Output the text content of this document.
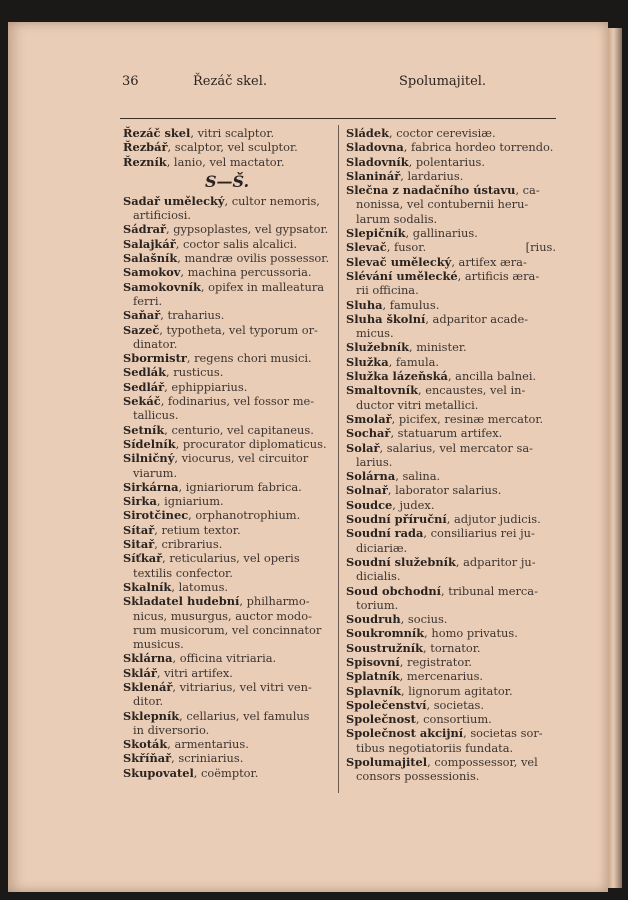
36	Řezáč skel.	Spolumajitel.
Řezáč skel, vitri scalptor.
Řezbář, scalptor, vel sculptor.
Řezník, lanio, vel mactator.
S—Š.
Sadař umělecký, cultor nemoris,
artificiosi.
Sádrař, gypsoplastes, vel gypsator.
Salajkář, coctor salis alcalici.
Salašník, mandræ ovilis possessor.
Samokov, machina percussoria.
Samokovník, opifex in malleatura
ferri.
Saňař, traharius.
Sazeč, typotheta, vel typorum or-
dinator.
Sbormistr, regens chori musici.
Sedlák, rusticus.
Sedlář, ephippiarius.
Sekáč, fodinarius, vel fossor me-
tallicus.
Setník, centurio, vel capitaneus.
Sídelník, procurator diplomaticus.
Silničný, viocurus, vel circuitor
viarum.
Sirkárna, igniariorum fabrica.
Sirka, igniarium.
Sirotčinec, orphanotrophium.
Sítař, retium textor.
Sitař, cribrarius.
Síťkař, reticularius, vel operis
textilis confector.
Skalník, latomus.
Skladatel hudební, philharmo-
nicus, musurgus, auctor modo-
rum musicorum, vel concinnator
musicus.
Sklárna, officina vitriaria.
Sklář, vitri artifex.
Sklenář, vitriarius, vel vitri ven-
ditor.
Sklepník, cellarius, vel famulus
in diversorio.
Skoták, armentarius.
Skříňař, scriniarius.
Skupovatel, coëmptor.
Sládek, coctor cerevisiæ.
Sladovna, fabrica hordeo torrendo.
Sladovník, polentarius.
Slaninář, lardarius.
Slečna z nadačního ústavu, ca-
nonissa, vel contubernii heru-
larum sodalis.
Slepičník, gallinarius.
Slevač, fusor.	[rius.
Slevač umělecký, artifex æra-
Slévání umělecké, artificis æra-
rii officina.
Sluha, famulus.
Sluha školní, adparitor acade-
micus.
Služebník, minister.
Služka, famula.
Služka lázeňská, ancilla balnei.
Smaltovník, encaustes, vel in-
ductor vitri metallici.
Smolař, picifex, resinæ mercator.
Sochař, statuarum artifex.
Solař, salarius, vel mercator sa-
larius.
Solárna, salina.
Solnař, laborator salarius.
Soudce, judex.
Soudní příruční, adjutor judicis.
Soudní rada, consiliarius rei ju-
diciariæ.
Soudní služebník, adparitor ju-
dicialis.
Soud obchodní, tribunal merca-
torium.
Soudruh, socius.
Soukromník, homo privatus.
Soustružník, tornator.
Spisovní, registrator.
Splatník, mercenarius.
Splavník, lignorum agitator.
Společenství, societas.
Společnost, consortium.
Společnost akcijní, societas sor-
tibus negotiatoriis fundata.
Spolumajitel, compossessor, vel
consors possessionis.
